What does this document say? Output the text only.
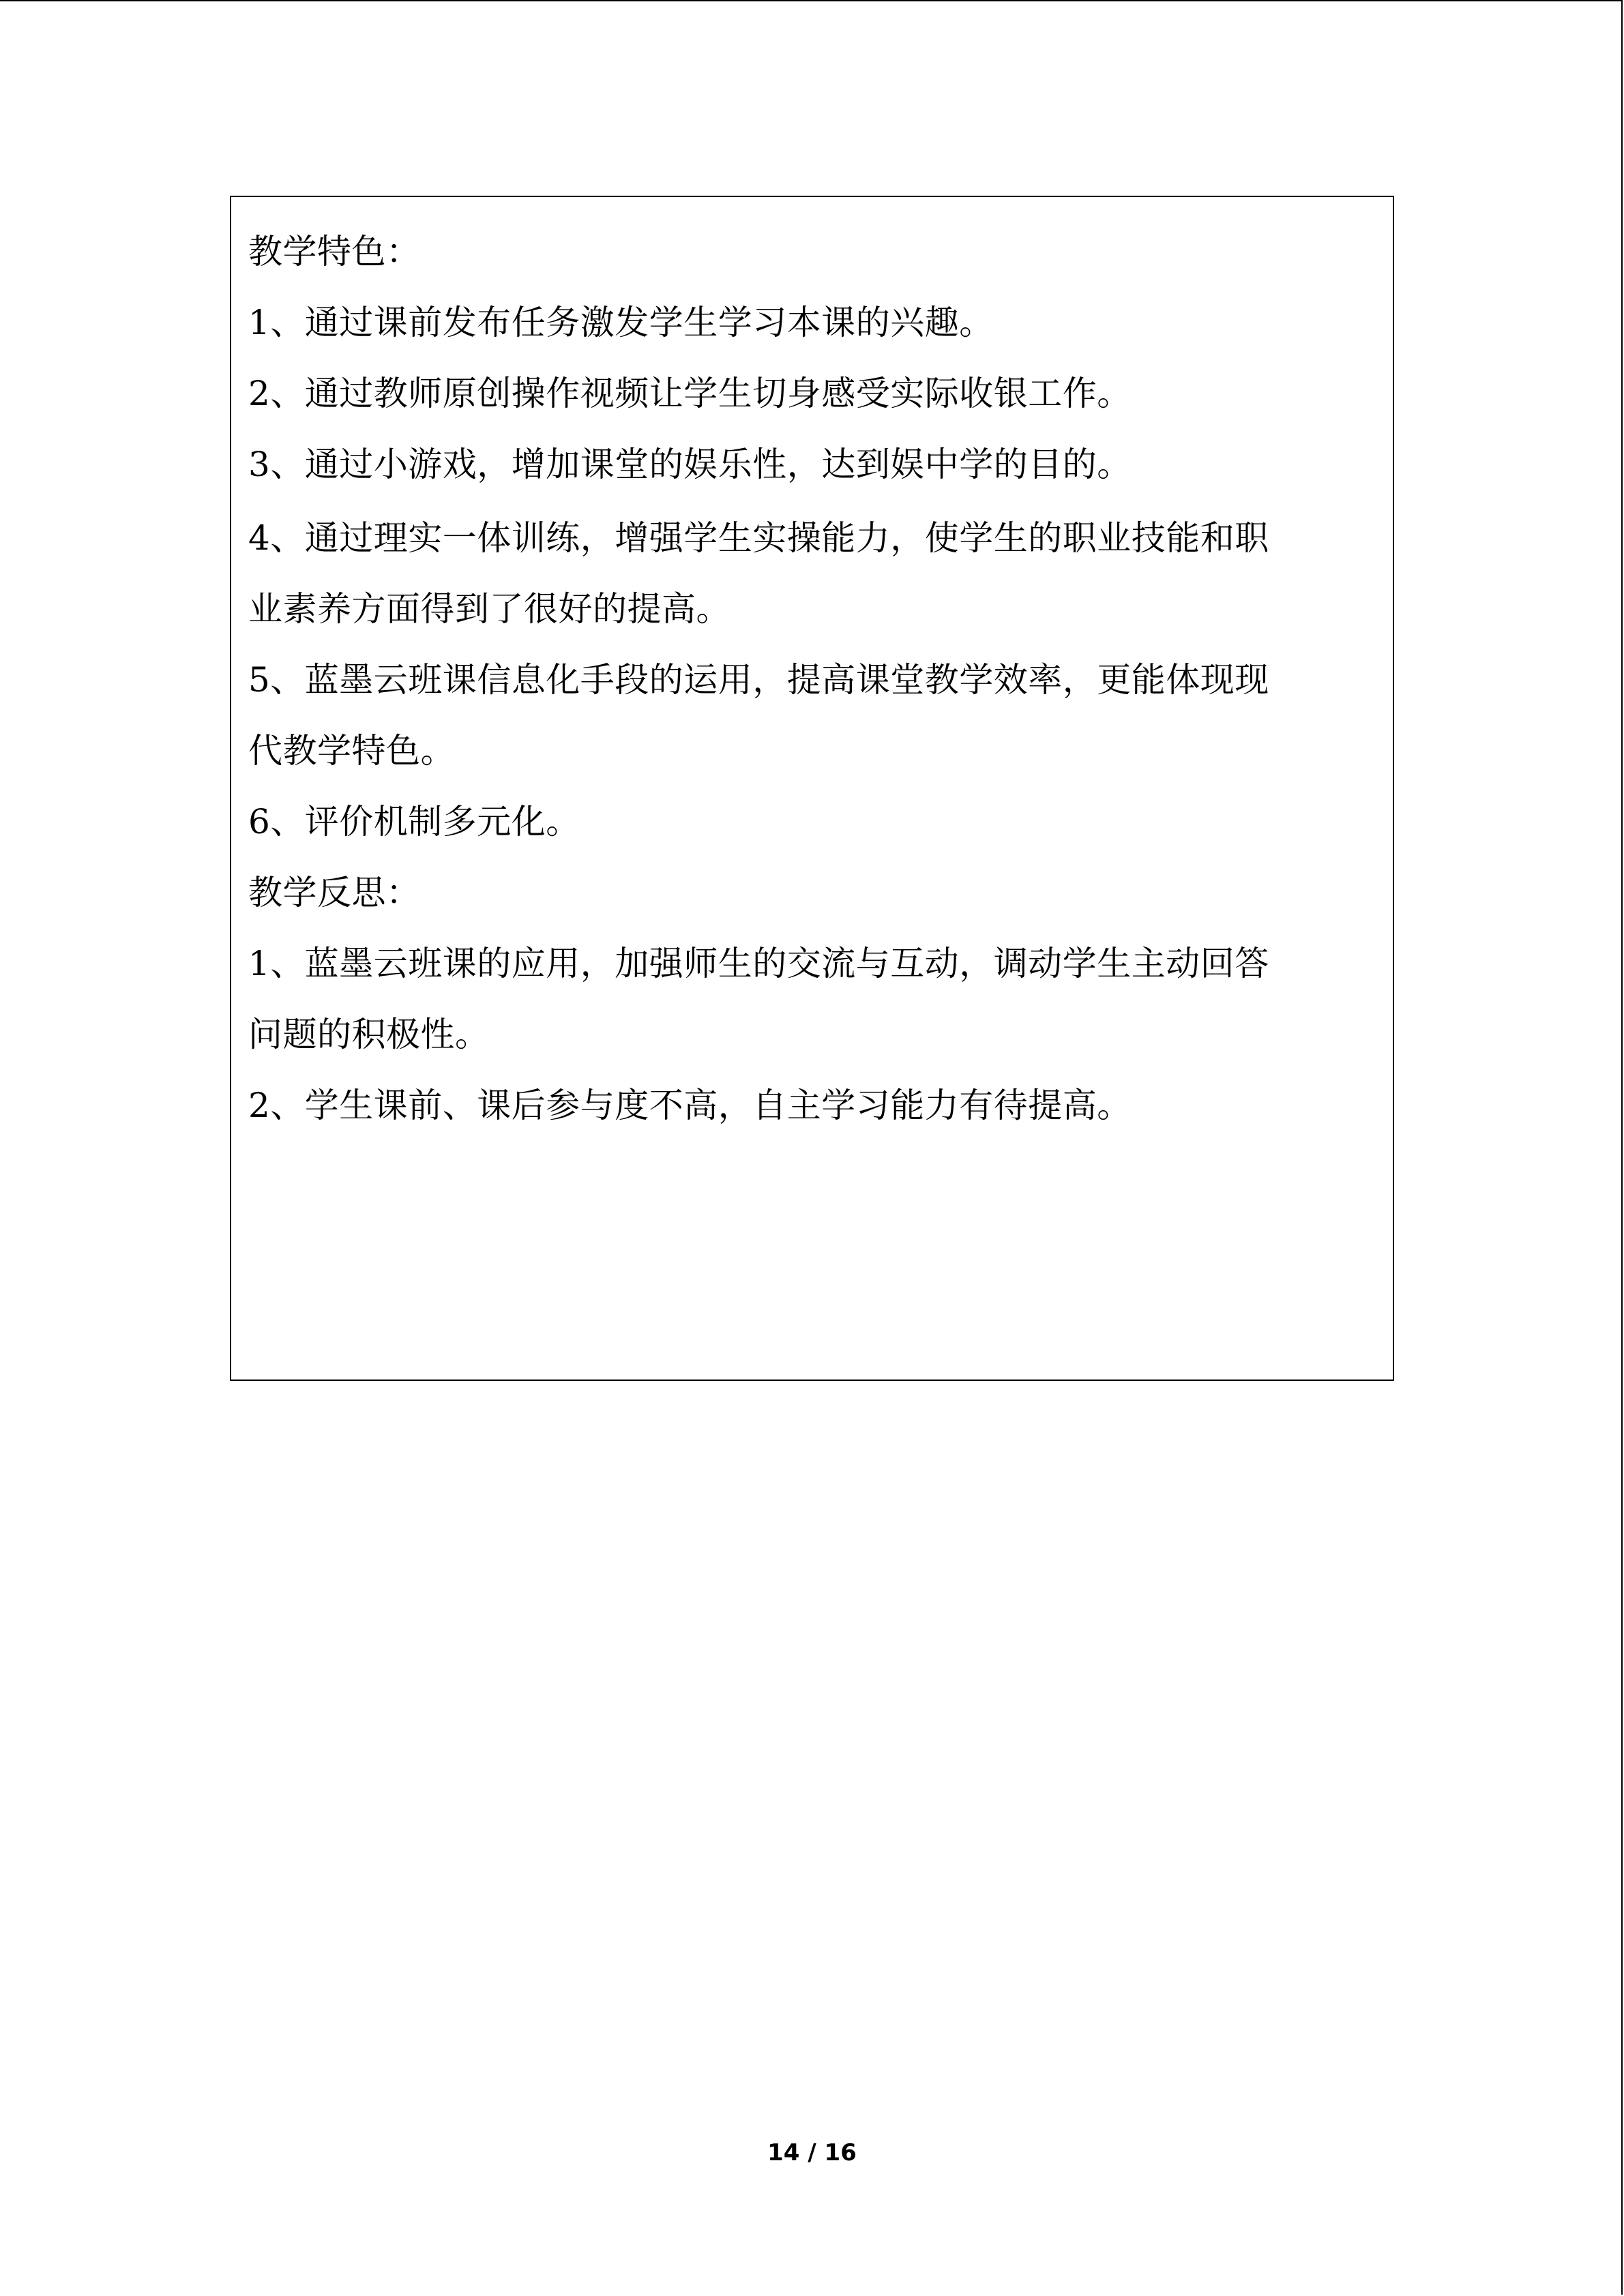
教学特色：
1、通过课前发布任务激发学生学习本课的兴趣。
2、通过教师原创操作视频让学生切身感受实际收银工作。
3、通过小游戏，增加课堂的娱乐性，达到娱中学的目的。
4、通过理实一体训练，增强学生实操能力，使学生的职业技能和职
业素养方面得到了很好的提高。
5、蓝墨云班课信息化手段的运用，提高课堂教学效率，更能体现现
代教学特色。
6、评价机制多元化。
教学反思：
1、蓝墨云班课的应用，加强师生的交流与互动，调动学生主动回答
问题的积极性。
2、学生课前、课后参与度不高，自主学习能力有待提高。
14 / 16
